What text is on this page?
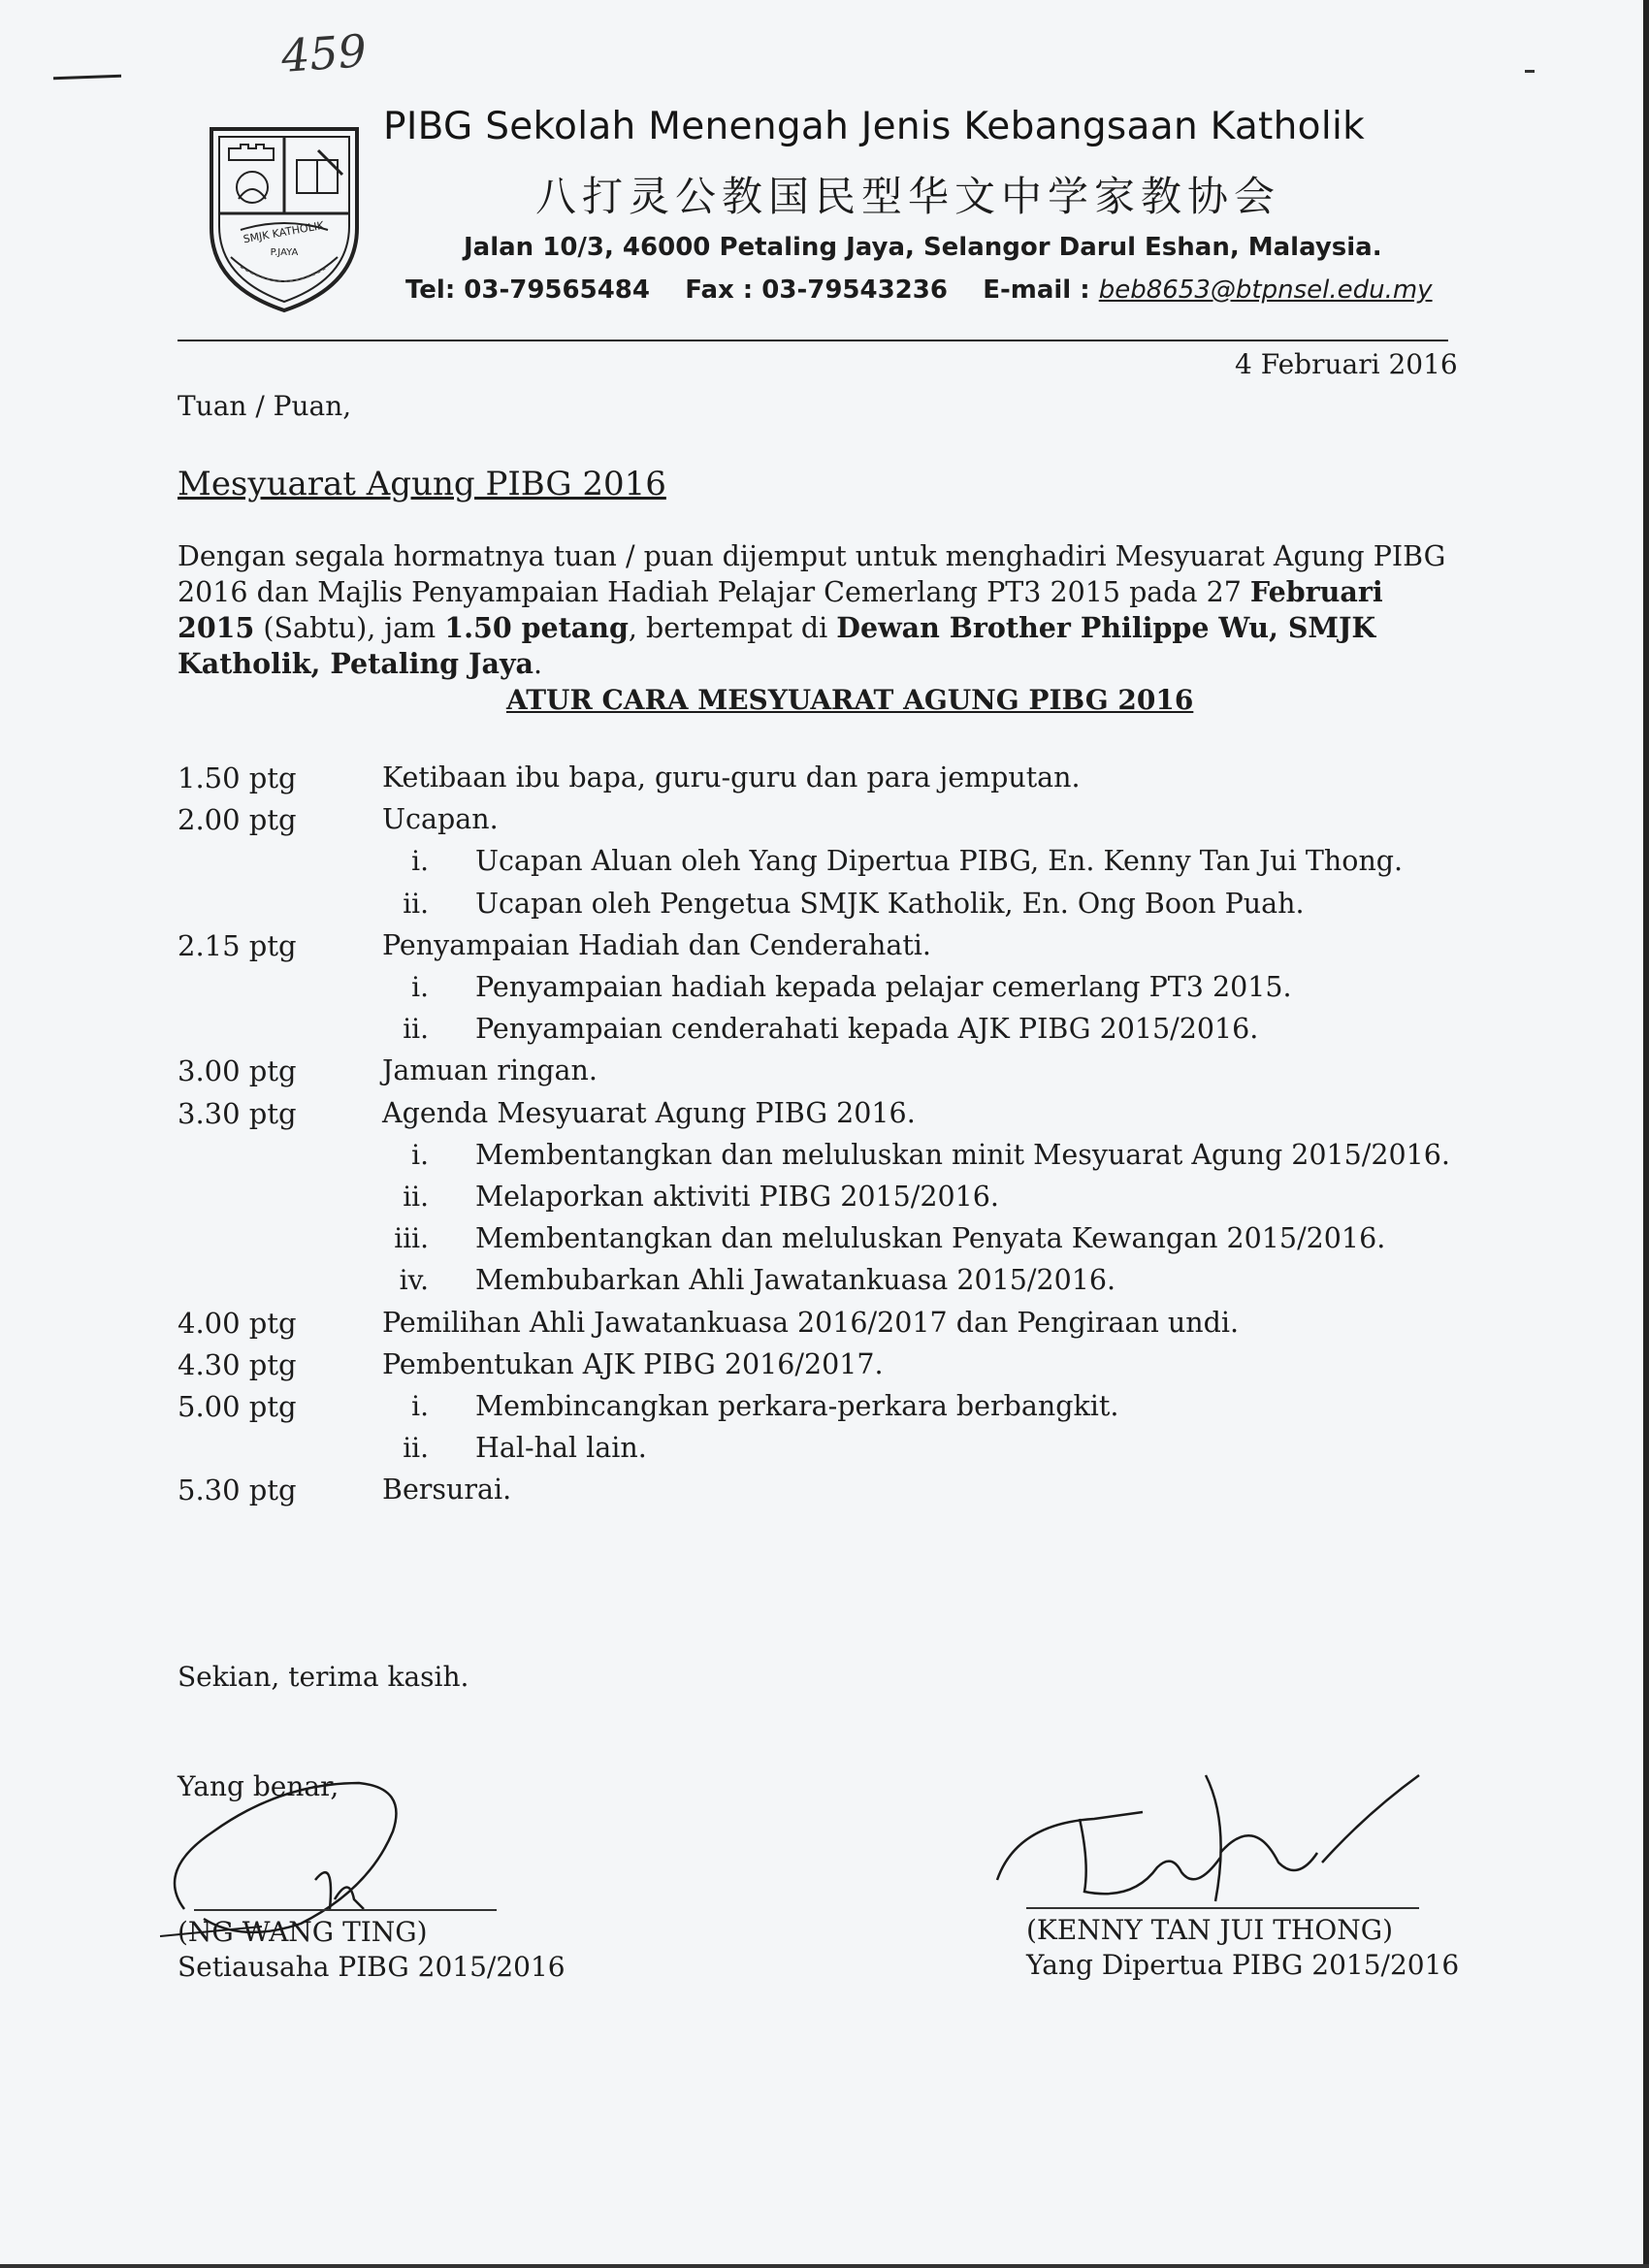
459
SMJK KATHOLIK
P.JAYA
PIBG Sekolah Menengah Jenis Kebangsaan Katholik
八打灵公教国民型华文中学家教协会
Jalan 10/3, 46000 Petaling Jaya, Selangor Darul Eshan, Malaysia.
Tel: 03-79565484 Fax : 03-79543236 E-mail : beb8653@btpnsel.edu.my
4 Februari 2016
Tuan / Puan,
Mesyuarat Agung PIBG 2016
Dengan segala hormatnya tuan / puan dijemput untuk menghadiri Mesyuarat Agung PIBG 2016 dan Majlis Penyampaian Hadiah Pelajar Cemerlang PT3 2015 pada 27 Februari 2015 (Sabtu), jam 1.50 petang, bertempat di Dewan Brother Philippe Wu, SMJK Katholik, Petaling Jaya.
ATUR CARA MESYUARAT AGUNG PIBG 2016
1.50 ptg	Ketibaan ibu bapa, guru-guru dan para jemputan.
2.00 ptg	Ucapan.
i. Ucapan Aluan oleh Yang Dipertua PIBG, En. Kenny Tan Jui Thong.
ii. Ucapan oleh Pengetua SMJK Katholik, En. Ong Boon Puah.
2.15 ptg	Penyampaian Hadiah dan Cenderahati.
i. Penyampaian hadiah kepada pelajar cemerlang PT3 2015.
ii. Penyampaian cenderahati kepada AJK PIBG 2015/2016.
3.00 ptg	Jamuan ringan.
3.30 ptg	Agenda Mesyuarat Agung PIBG 2016.
i. Membentangkan dan meluluskan minit Mesyuarat Agung 2015/2016.
ii. Melaporkan aktiviti PIBG 2015/2016.
iii. Membentangkan dan meluluskan Penyata Kewangan 2015/2016.
iv. Membubarkan Ahli Jawatankuasa 2015/2016.
4.00 ptg	Pemilihan Ahli Jawatankuasa 2016/2017 dan Pengiraan undi.
4.30 ptg	Pembentukan AJK PIBG 2016/2017.
5.00 ptg	i. Membincangkan perkara-perkara berbangkit.
ii. Hal-hal lain.
5.30 ptg	Bersurai.
Sekian, terima kasih.
Yang benar,
(NG WANG TING)
Setiausaha PIBG 2015/2016
(KENNY TAN JUI THONG)
Yang Dipertua PIBG 2015/2016
